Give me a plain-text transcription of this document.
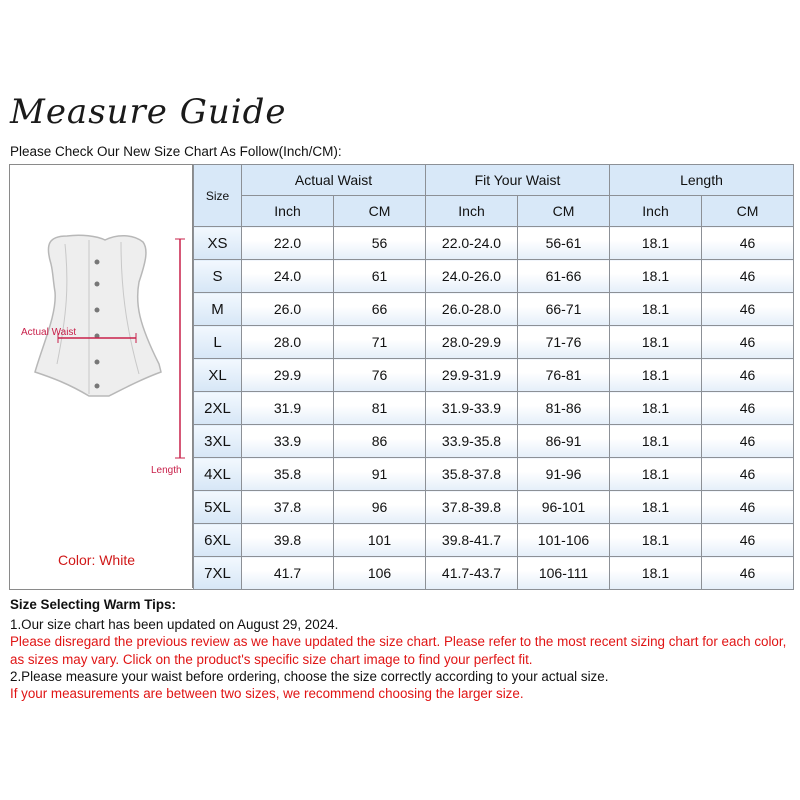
Measure Guide
Please Check Our New Size Chart As Follow(Inch/CM):
Actual Waist
Length
Color: White
Size	Actual Waist		Fit Your Waist		Length	
	Inch	CM	Inch	CM	Inch	CM
XS	22.0	56	22.0-24.0	56-61	18.1	46
S	24.0	61	24.0-26.0	61-66	18.1	46
M	26.0	66	26.0-28.0	66-71	18.1	46
L	28.0	71	28.0-29.9	71-76	18.1	46
XL	29.9	76	29.9-31.9	76-81	18.1	46
2XL	31.9	81	31.9-33.9	81-86	18.1	46
3XL	33.9	86	33.9-35.8	86-91	18.1	46
4XL	35.8	91	35.8-37.8	91-96	18.1	46
5XL	37.8	96	37.8-39.8	96-101	18.1	46
6XL	39.8	101	39.8-41.7	101-106	18.1	46
7XL	41.7	106	41.7-43.7	106-111	18.1	46
Size Selecting Warm Tips:
1.Our size chart has been updated on August 29, 2024.
Please disregard the previous review as we have updated the size chart. Please refer to the most recent sizing chart for each color, as sizes may vary. Click on the product's specific size chart image to find your perfect fit.
2.Please measure your waist before ordering, choose the size correctly according to your actual size.
If your measurements are between two sizes, we recommend choosing the larger size.
